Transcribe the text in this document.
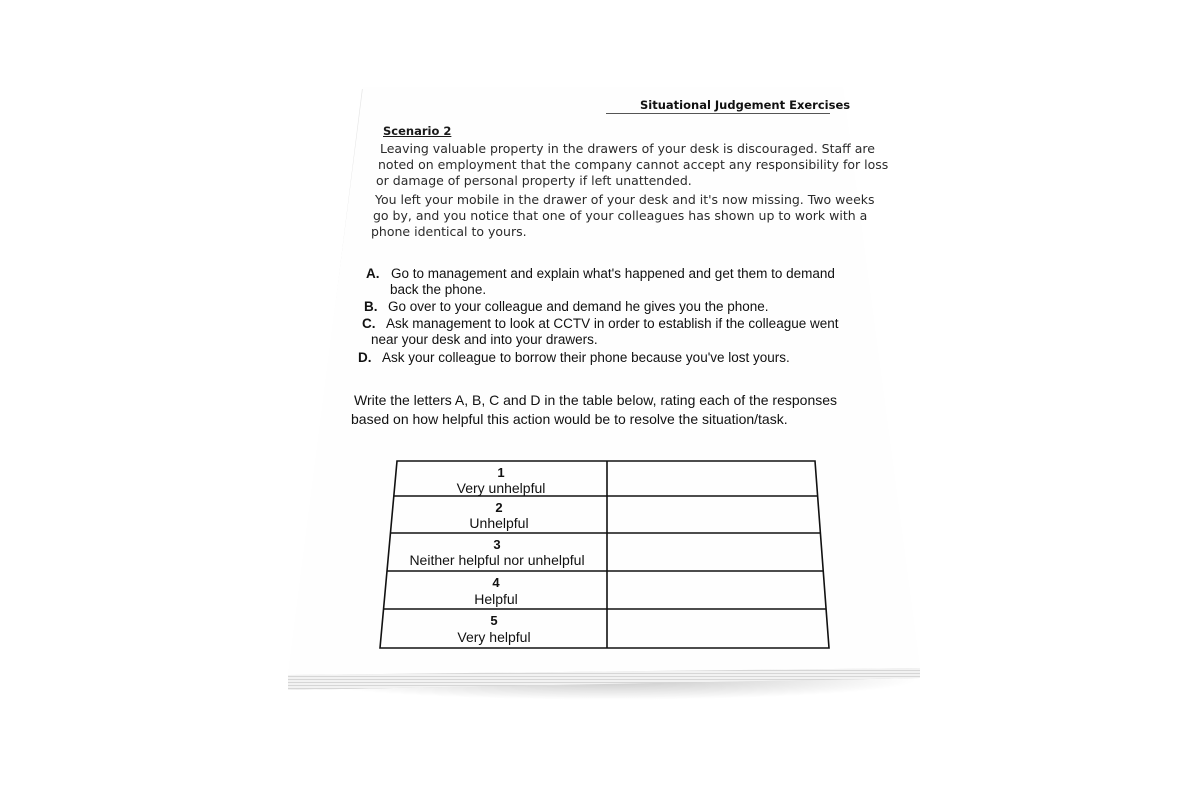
Situational Judgement Exercises

Scenario 2

Leaving valuable property in the drawers of your desk is discouraged. Staff are

noted on employment that the company cannot accept any responsibility for loss

or damage of personal property if left unattended.

You left your mobile in the drawer of your desk and it's now missing. Two weeks

go by, and you notice that one of your colleagues has shown up to work with a

phone identical to yours.

A. Go to management and explain what's happened and get them to demand

back the phone.

B. Go over to your colleague and demand he gives you the phone.

C. Ask management to look at CCTV in order to establish if the colleague went

near your desk and into your drawers.

D. Ask your colleague to borrow their phone because you've lost yours.

Write the letters A, B, C and D in the table below, rating each of the responses

based on how helpful this action would be to resolve the situation/task.

1
Very unhelpful
2
Unhelpful
3
Neither helpful nor unhelpful
4
Helpful
5
Very helpful
